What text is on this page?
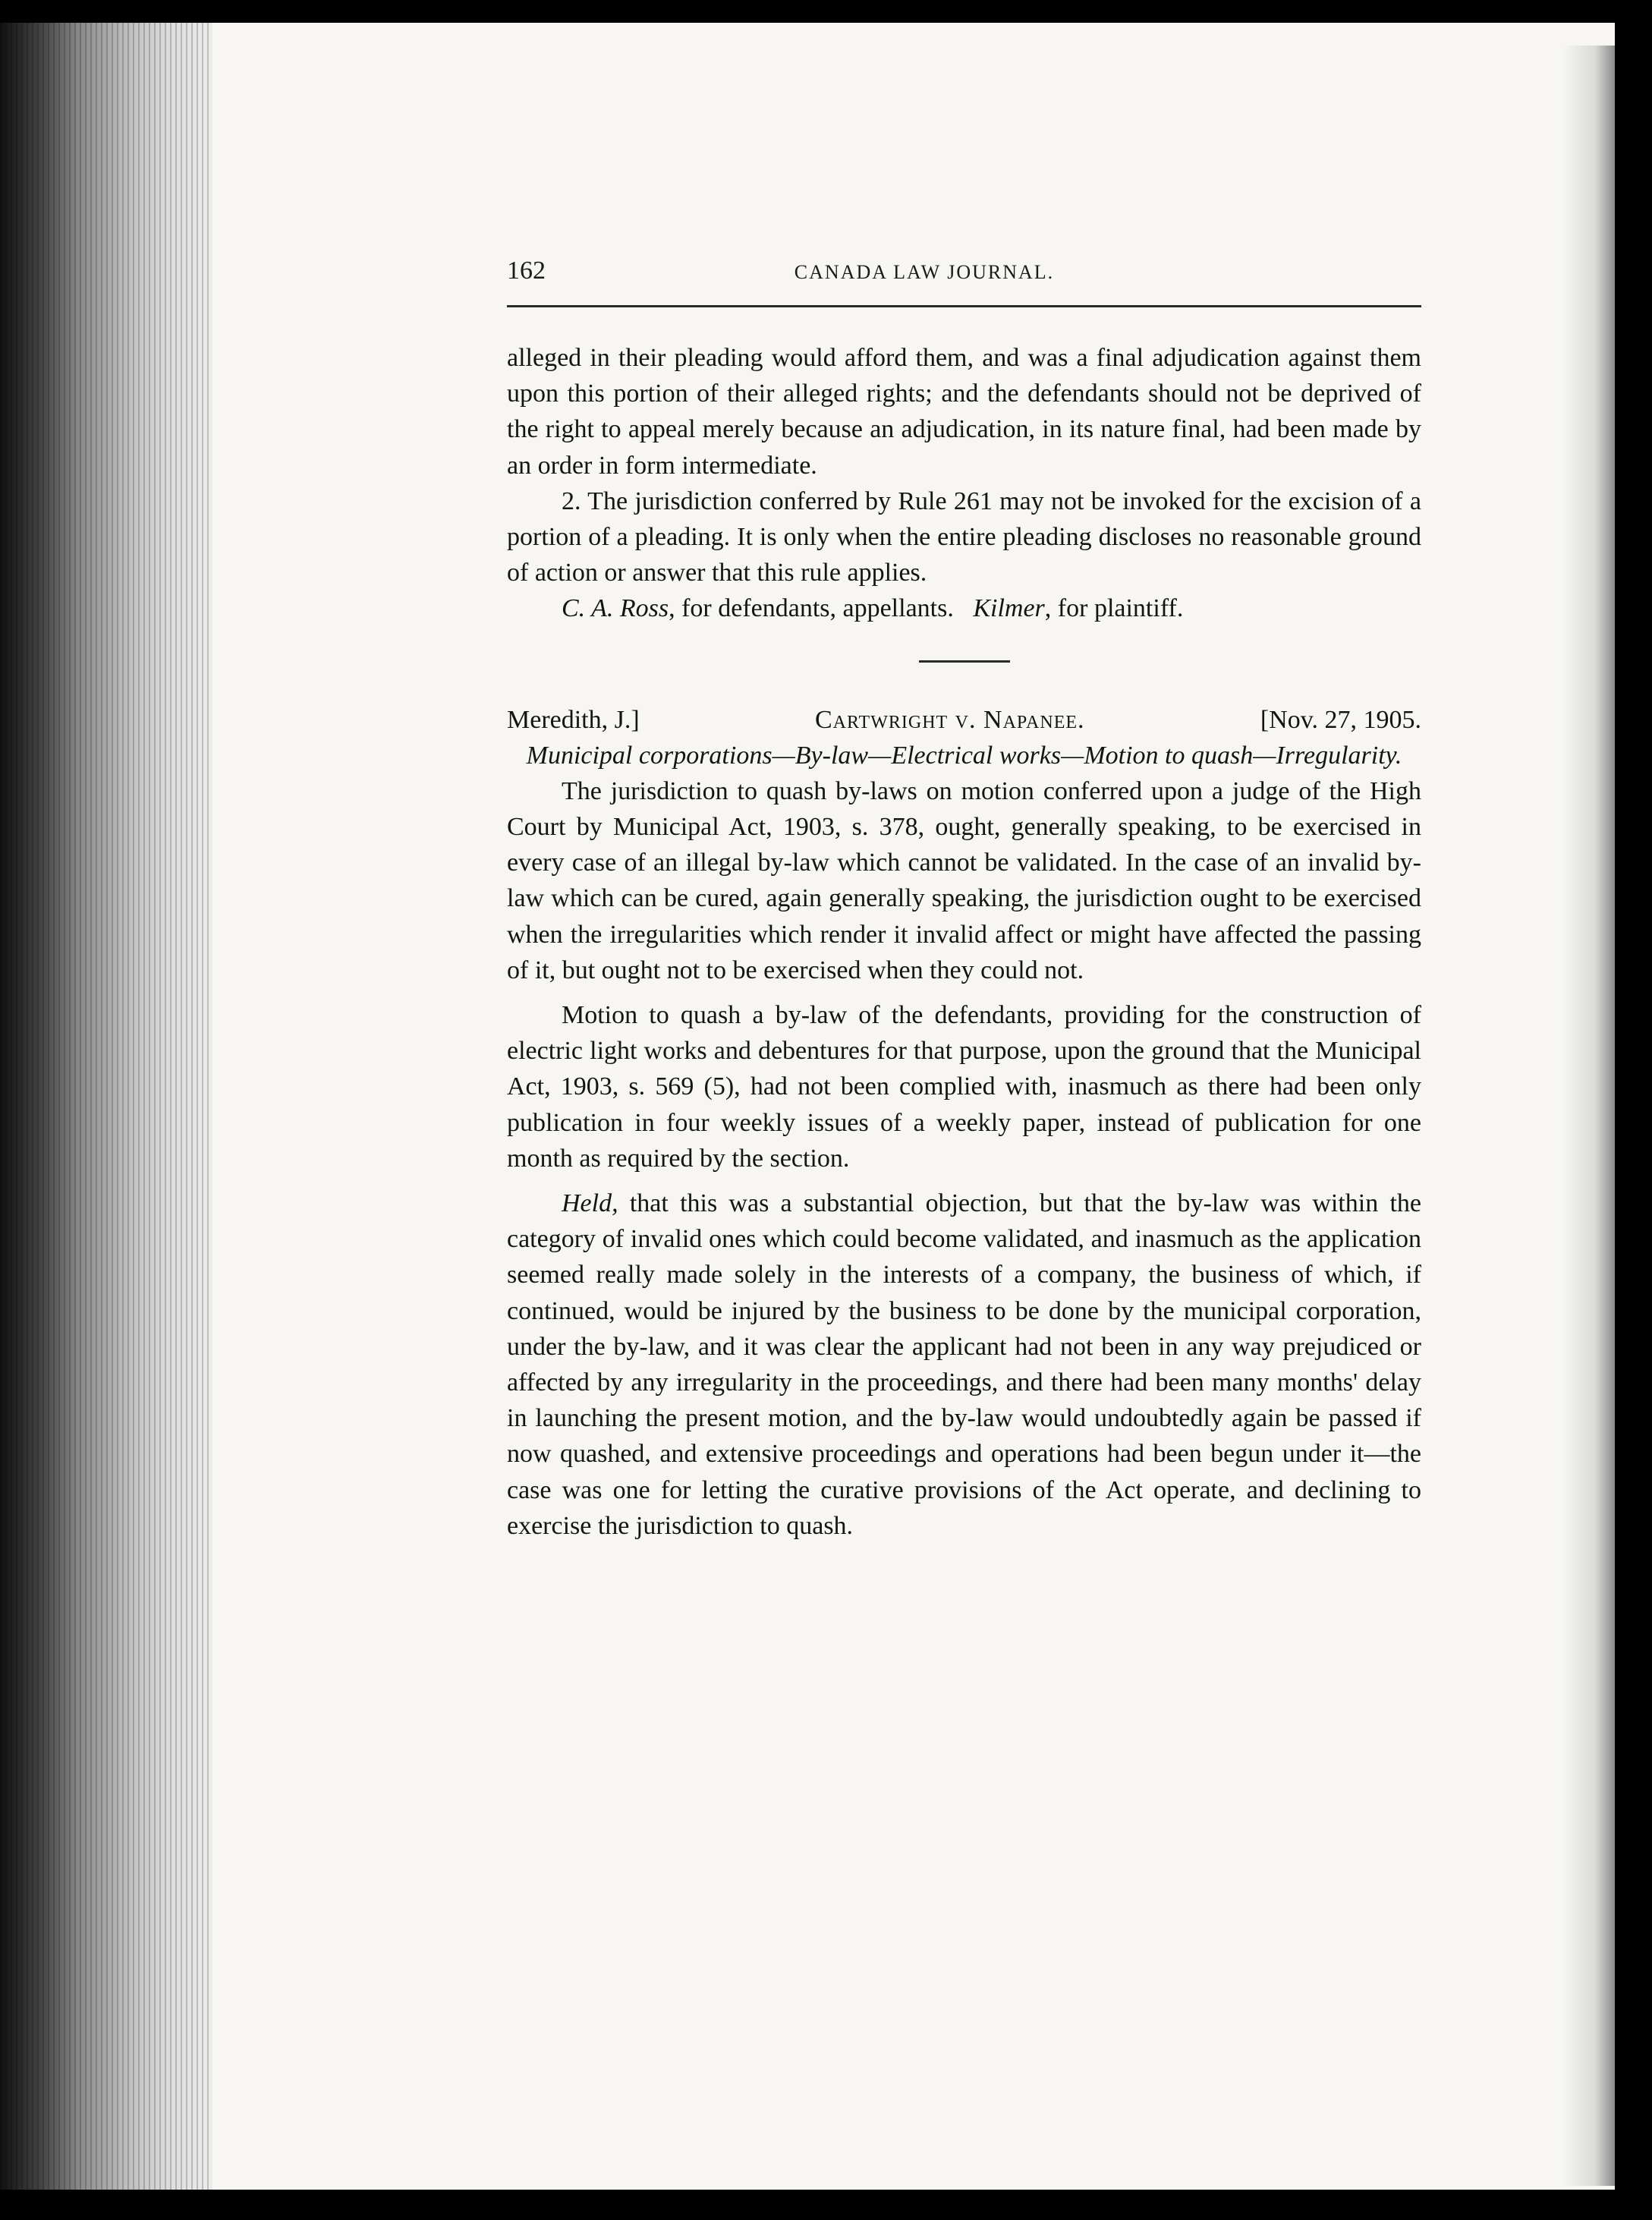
162	CANADA LAW JOURNAL.

alleged in their pleading would afford them, and was a final adjudication against them upon this portion of their alleged rights; and the defendants should not be deprived of the right to appeal merely because an adjudication, in its nature final, had been made by an order in form intermediate.

2. The jurisdiction conferred by Rule 261 may not be invoked for the excision of a portion of a pleading. It is only when the entire pleading discloses no reasonable ground of action or answer that this rule applies.

C. A. Ross, for defendants, appellants. Kilmer, for plaintiff.

Meredith, J.]	Cartwright v. Napanee.	[Nov. 27, 1905.

Municipal corporations—By-law—Electrical works—Motion to quash—Irregularity.

The jurisdiction to quash by-laws on motion conferred upon a judge of the High Court by Municipal Act, 1903, s. 378, ought, generally speaking, to be exercised in every case of an illegal by-law which cannot be validated. In the case of an invalid by-law which can be cured, again generally speaking, the jurisdiction ought to be exercised when the irregularities which render it invalid affect or might have affected the passing of it, but ought not to be exercised when they could not.

Motion to quash a by-law of the defendants, providing for the construction of electric light works and debentures for that purpose, upon the ground that the Municipal Act, 1903, s. 569 (5), had not been complied with, inasmuch as there had been only publication in four weekly issues of a weekly paper, instead of publication for one month as required by the section.

Held, that this was a substantial objection, but that the by-law was within the category of invalid ones which could become validated, and inasmuch as the application seemed really made solely in the interests of a company, the business of which, if continued, would be injured by the business to be done by the municipal corporation, under the by-law, and it was clear the applicant had not been in any way prejudiced or affected by any irregularity in the proceedings, and there had been many months' delay in launching the present motion, and the by-law would undoubtedly again be passed if now quashed, and extensive proceedings and operations had been begun under it—the case was one for letting the curative provisions of the Act operate, and declining to exercise the jurisdiction to quash.
